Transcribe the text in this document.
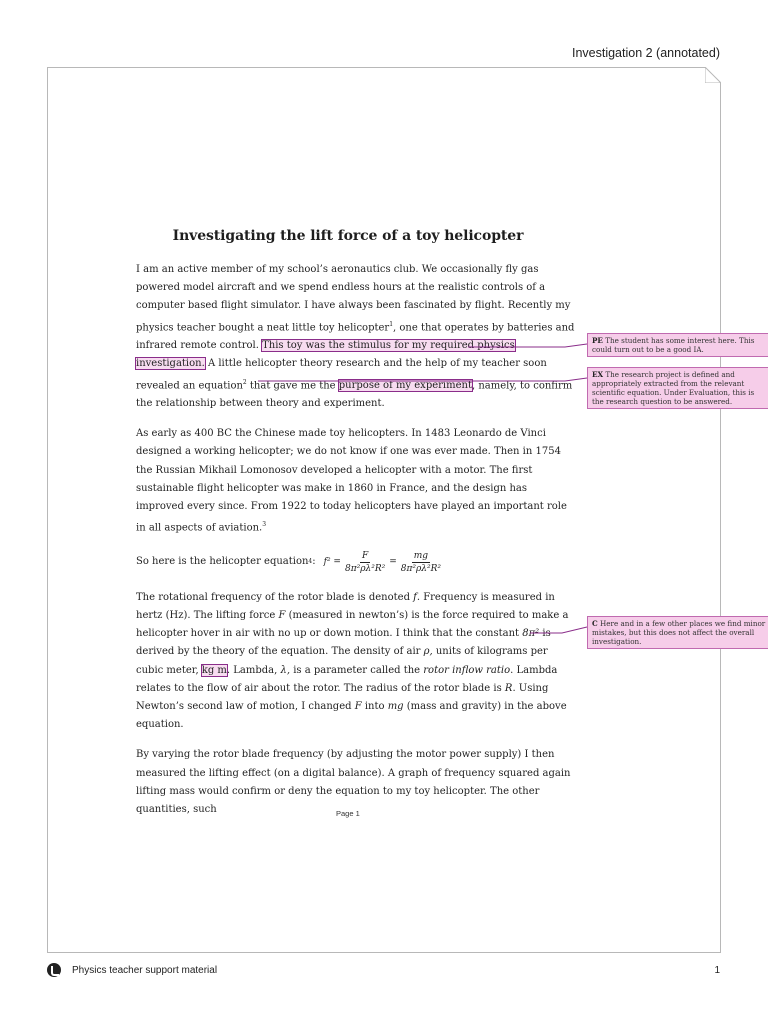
Investigation 2 (annotated)
Investigating the lift force of a toy helicopter

I am an active member of my school’s aeronautics club. We occasionally fly gas powered model aircraft and we spend endless hours at the realistic controls of a computer based flight simulator. I have always been fascinated by flight. Recently my physics teacher bought a neat little toy helicopter$^1$, one that operates by batteries and infrared remote control. This toy was the stimulus for my required physics investigation. A little helicopter theory research and the help of my teacher soon revealed an equation$^2$ that gave me the purpose of my experiment, namely, to confirm the relationship between theory and experiment.

As early as 400 BC the Chinese made toy helicopters. In 1483 Leonardo de Vinci designed a working helicopter; we do not know if one was ever made. Then in 1754 the Russian Mikhail Lomonosov developed a helicopter with a motor. The first sustainable flight helicopter was make in 1860 in France, and the design has improved every since. From 1922 to today helicopters have played an important role in all aspects of aviation.$^3$

So here is the helicopter equation 4 : $f^2 = \frac{F}{\text{8π²ρλ²R²}} = \frac{mg}{\text{8π²ρλ²R²}}$

The rotational frequency of the rotor blade is denoted f. Frequency is measured in hertz (Hz). The lifting force F (measured in newton’s) is the force required to make a helicopter hover in air with no up or down motion. I think that the constant 8π² is derived by the theory of the equation. The density of air ρ, units of kilograms per cubic meter, kg m. Lambda, λ, is a parameter called the rotor inflow ratio. Lambda relates to the flow of air about the rotor. The radius of the rotor blade is R. Using Newton’s second law of motion, I changed F into mg (mass and gravity) in the above equation.

By varying the rotor blade frequency (by adjusting the motor power supply) I then measured the lifting effect (on a digital balance). A graph of frequency squared again lifting mass would confirm or deny the equation to my toy helicopter. The other quantities, such	Page 1
PE The student has some interest here. This could turn out to be a good IA.
EX The research project is defined and appropriately extracted from the relevant scientific equation. Under Evaluation, this is the research question to be answered.
C Here and in a few other places we find minor mistakes, but this does not affect the overall investigation.
Physics teacher support material	1
